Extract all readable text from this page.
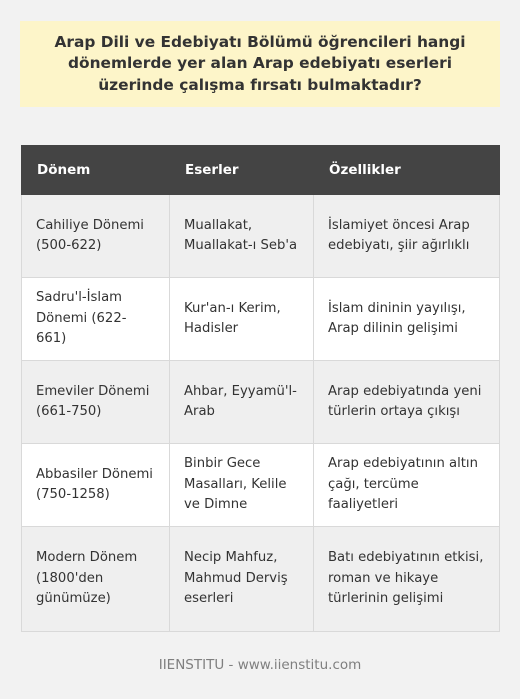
Arap Dili ve Edebiyatı Bölümü öğrencileri hangi dönemlerde yer alan Arap edebiyatı eserleri üzerinde çalışma fırsatı bulmaktadır?
Dönem	Eserler	Özellikler
Cahiliye Dönemi (500-622)	Muallakat, Muallakat-ı Seb'a	İslamiyet öncesi Arap edebiyatı, şiir ağırlıklı
Sadru'l-İslam Dönemi (622-661)	Kur'an-ı Kerim, Hadisler	İslam dininin yayılışı, Arap dilinin gelişimi
Emeviler Dönemi (661-750)	Ahbar, Eyyamü'l-Arab	Arap edebiyatında yeni türlerin ortaya çıkışı
Abbasiler Dönemi (750-1258)	Binbir Gece Masalları, Kelile ve Dimne	Arap edebiyatının altın çağı, tercüme faaliyetleri
Modern Dönem (1800'den günümüze)	Necip Mahfuz, Mahmud Derviş eserleri	Batı edebiyatının etkisi, roman ve hikaye türlerinin gelişimi
IIENSTITU - www.iienstitu.com
